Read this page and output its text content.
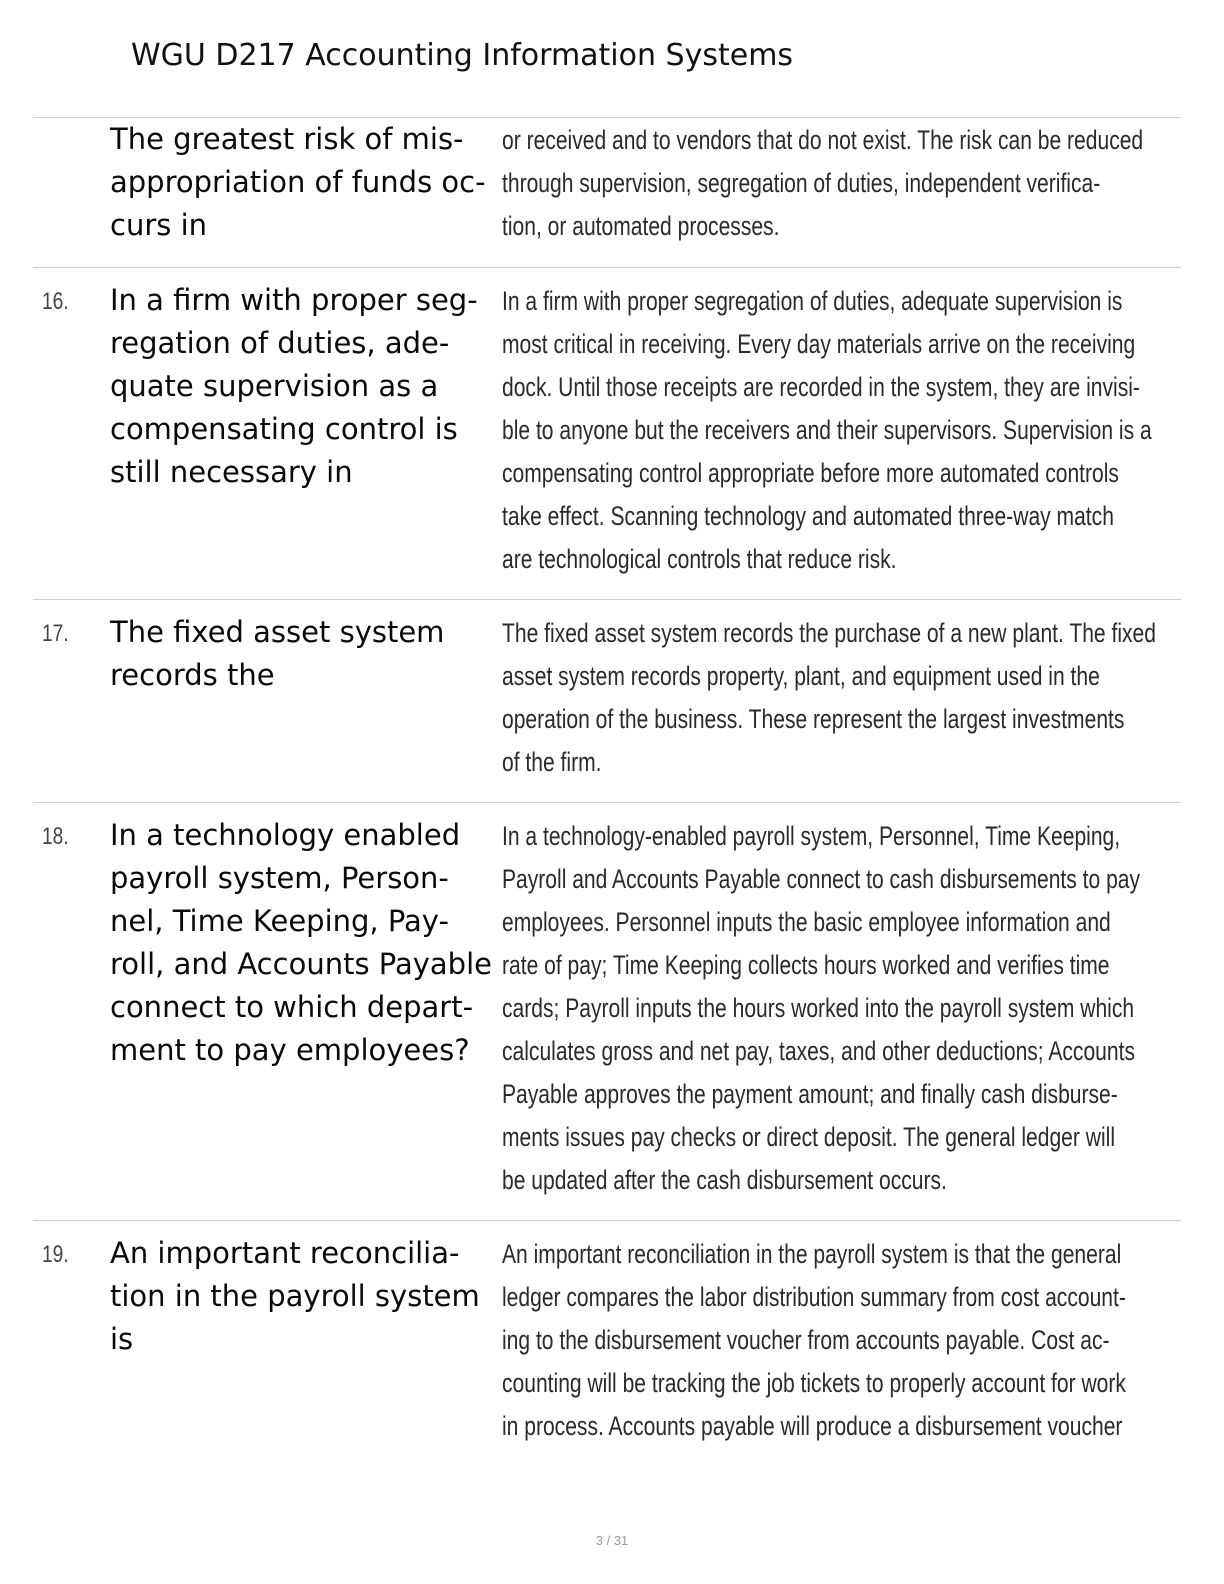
WGU D217 Accounting Information Systems
The greatest risk of mis-
appropriation of funds oc-
curs in
or received and to vendors that do not exist. The risk can be reduced
through supervision, segregation of duties, independent verifica-
tion, or automated processes.
16. In a firm with proper seg-
regation of duties, ade-
quate supervision as a
compensating control is
still necessary in
In a firm with proper segregation of duties, adequate supervision is
most critical in receiving. Every day materials arrive on the receiving
dock. Until those receipts are recorded in the system, they are invisi-
ble to anyone but the receivers and their supervisors. Supervision is a
compensating control appropriate before more automated controls
take effect. Scanning technology and automated three-way match
are technological controls that reduce risk.
17. The fixed asset system
records the
The fixed asset system records the purchase of a new plant. The fixed
asset system records property, plant, and equipment used in the
operation of the business. These represent the largest investments
of the firm.
18. In a technology enabled
payroll system, Person-
nel, Time Keeping, Pay-
roll, and Accounts Payable
connect to which depart-
ment to pay employees?
In a technology-enabled payroll system, Personnel, Time Keeping,
Payroll and Accounts Payable connect to cash disbursements to pay
employees. Personnel inputs the basic employee information and
rate of pay; Time Keeping collects hours worked and verifies time
cards; Payroll inputs the hours worked into the payroll system which
calculates gross and net pay, taxes, and other deductions; Accounts
Payable approves the payment amount; and finally cash disburse-
ments issues pay checks or direct deposit. The general ledger will
be updated after the cash disbursement occurs.
19. An important reconcilia-
tion in the payroll system
is
An important reconciliation in the payroll system is that the general
ledger compares the labor distribution summary from cost account-
ing to the disbursement voucher from accounts payable. Cost ac-
counting will be tracking the job tickets to properly account for work
in process. Accounts payable will produce a disbursement voucher
3 / 31
